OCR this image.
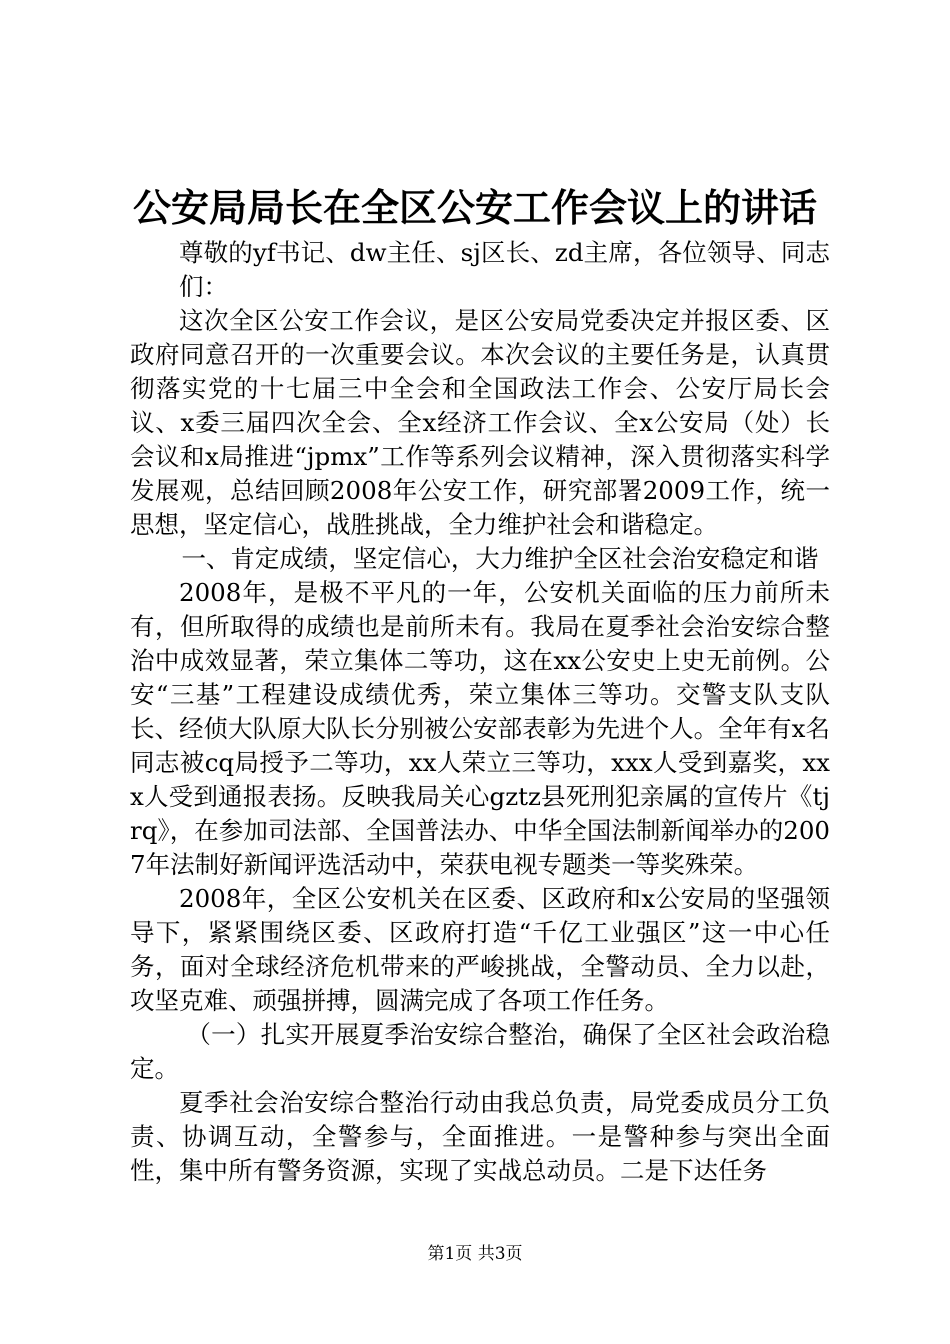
公安局局长在全区公安工作会议上的讲话

尊敬的yf书记、dw主任、sj区长、zd主席，各位领导、同志们：

这次全区公安工作会议，是区公安局党委决定并报区委、区政府同意召开的一次重要会议。本次会议的主要任务是，认真贯彻落实党的十七届三中全会和全国政法工作会、公安厅局长会议、x委三届四次全会、全x经济工作会议、全x公安局（处）长会议和x局推进“jpmx”工作等系列会议精神，深入贯彻落实科学发展观，总结回顾2008年公安工作，研究部署2009工作，统一思想，坚定信心，战胜挑战，全力维护社会和谐稳定。

一、肯定成绩，坚定信心，大力维护全区社会治安稳定和谐

2008年，是极不平凡的一年，公安机关面临的压力前所未有，但所取得的成绩也是前所未有。我局在夏季社会治安综合整治中成效显著，荣立集体二等功，这在xx公安史上史无前例。公安“三基”工程建设成绩优秀，荣立集体三等功。交警支队支队长、经侦大队原大队长分别被公安部表彰为先进个人。全年有x名同志被cq局授予二等功，xx人荣立三等功，xxx人受到嘉奖，xxx人受到通报表扬。反映我局关心gztz县死刑犯亲属的宣传片《tjrq》，在参加司法部、全国普法办、中华全国法制新闻举办的2007年法制好新闻评选活动中，荣获电视专题类一等奖殊荣。

2008年，全区公安机关在区委、区政府和x公安局的坚强领导下，紧紧围绕区委、区政府打造“千亿工业强区”这一中心任务，面对全球经济危机带来的严峻挑战，全警动员、全力以赴，攻坚克难、顽强拼搏，圆满完成了各项工作任务。

（一）扎实开展夏季治安综合整治，确保了全区社会政治稳定。

夏季社会治安综合整治行动由我总负责，局党委成员分工负责、协调互动，全警参与，全面推进。一是警种参与突出全面性，集中所有警务资源，实现了实战总动员。二是下达任务

第1页 共3页
